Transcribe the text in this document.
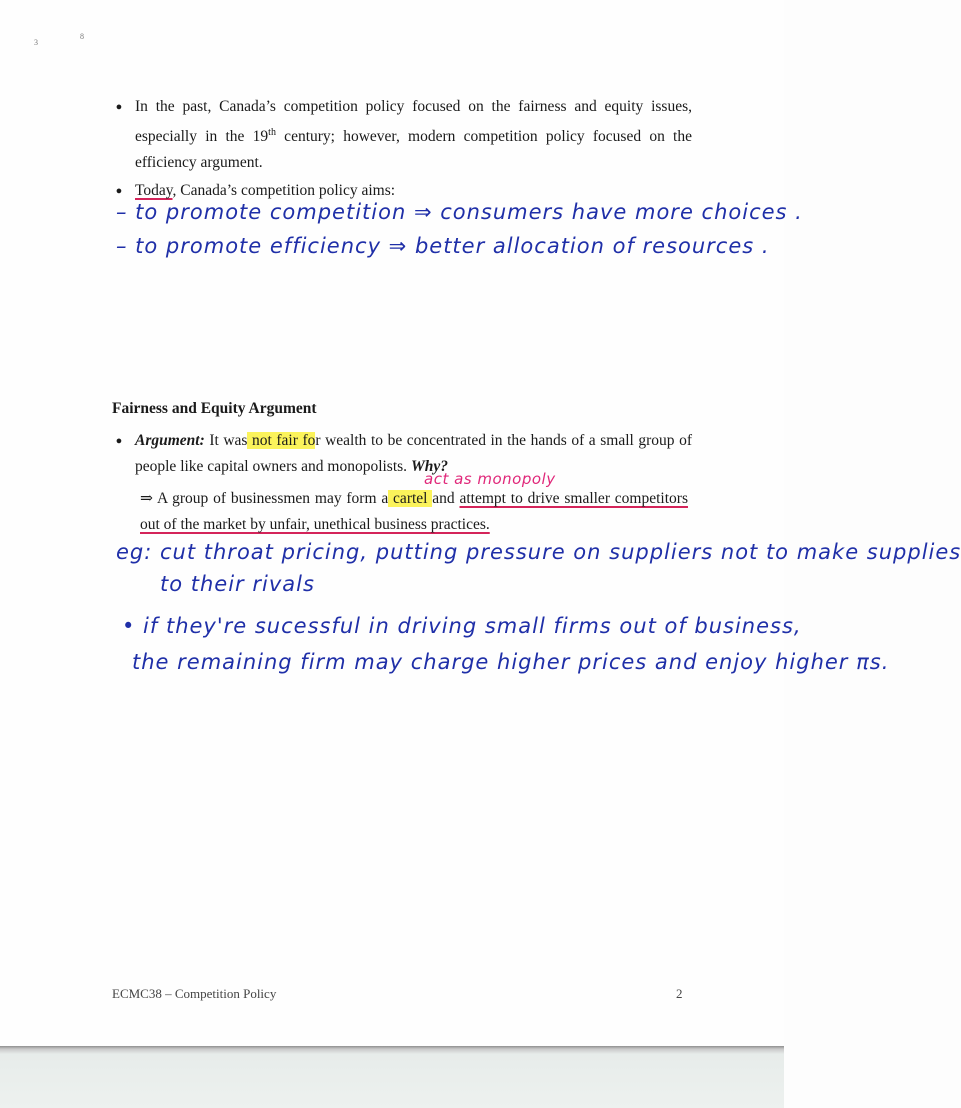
3
8
● In the past, Canada’s competition policy focused on the fairness and equity issues, especially in the 19th century; however, modern competition policy focused on the efficiency argument.
● Today, Canada’s competition policy aims:
– to promote competition ⇒ consumers have more choices .
– to promote efficiency ⇒ better allocation of resources .
Fairness and Equity Argument
● Argument: It was not fair for wealth to be concentrated in the hands of a small group of people like capital owners and monopolists. Why?
act as monopoly
⇒ A group of businessmen may form a cartel and attempt to drive smaller competitors out of the market by unfair, unethical business practices.
eg: cut throat pricing, putting pressure on suppliers not to make supplies
to their rivals
• if they're sucessful in driving small firms out of business,
the remaining firm may charge higher prices and enjoy higher πs.
ECMC38 – Competition Policy	2
